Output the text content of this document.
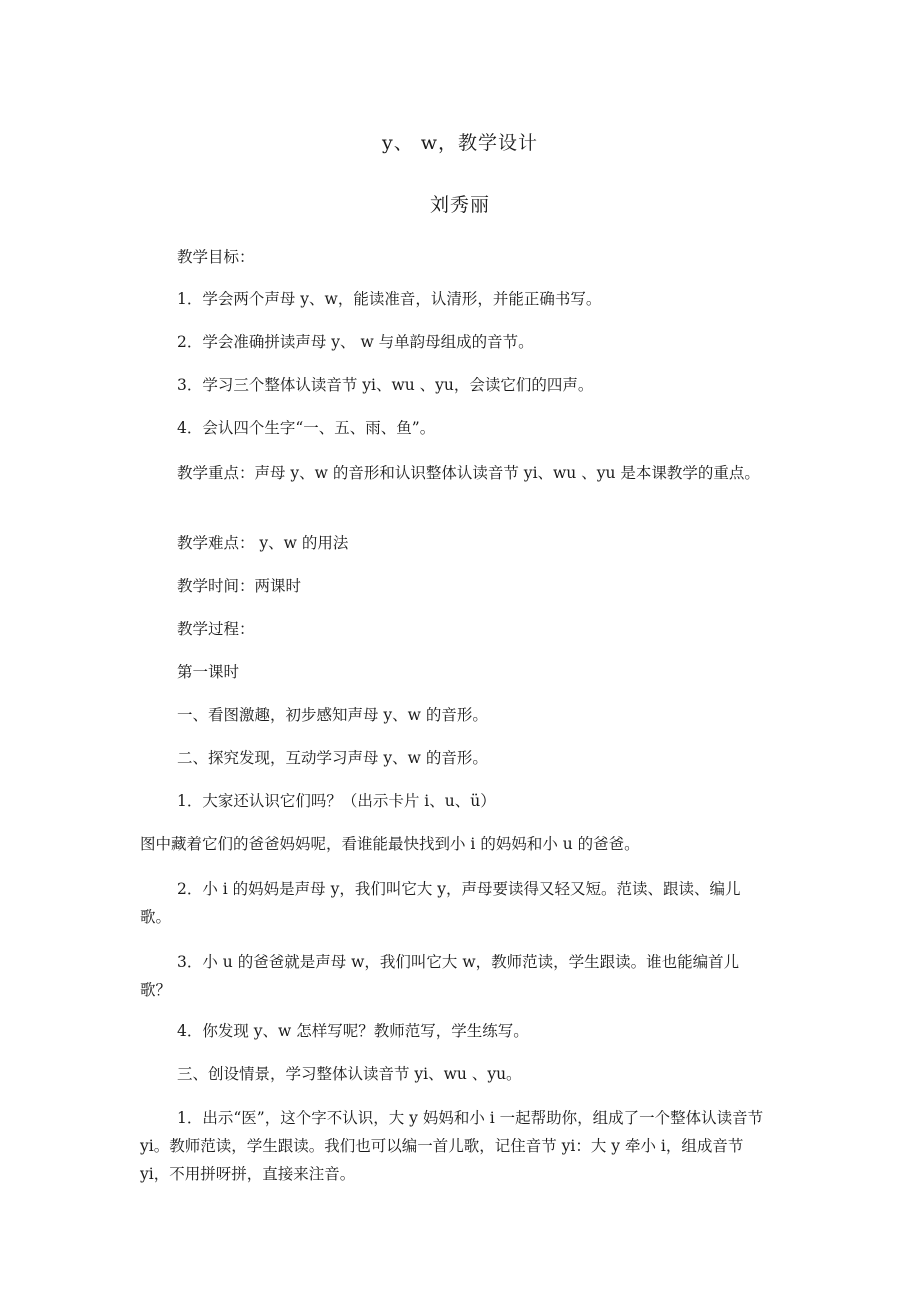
y、 w，教学设计
刘秀丽
教学目标：
1．学会两个声母 y、w，能读准音，认清形，并能正确书写。
2．学会准确拼读声母 y、 w 与单韵母组成的音节。
3．学习三个整体认读音节 yi、wu 、yu，会读它们的四声。
4．会认四个生字“一、五、雨、鱼”。
教学重点：声母 y、w 的音形和认识整体认读音节 yi、wu 、yu 是本课教学的重点。
教学难点： y、w 的用法
教学时间：两课时
教学过程：
第一课时
一、看图激趣，初步感知声母 y、w 的音形。
二、探究发现，互动学习声母 y、w 的音形。
1．大家还认识它们吗？（出示卡片 i、u、ü）
图中藏着它们的爸爸妈妈呢，看谁能最快找到小 i 的妈妈和小 u 的爸爸。
2．小 i 的妈妈是声母 y，我们叫它大 y，声母要读得又轻又短。范读、跟读、编儿歌。
3．小 u 的爸爸就是声母 w，我们叫它大 w，教师范读，学生跟读。谁也能编首儿歌？
4．你发现 y、w 怎样写呢？教师范写，学生练写。
三、创设情景，学习整体认读音节 yi、wu 、yu。
1．出示“医”，这个字不认识，大 y 妈妈和小 i 一起帮助你，组成了一个整体认读音节 yi。教师范读，学生跟读。我们也可以编一首儿歌，记住音节 yi：大 y 牵小 i，组成音节 yi，不用拼呀拼，直接来注音。
